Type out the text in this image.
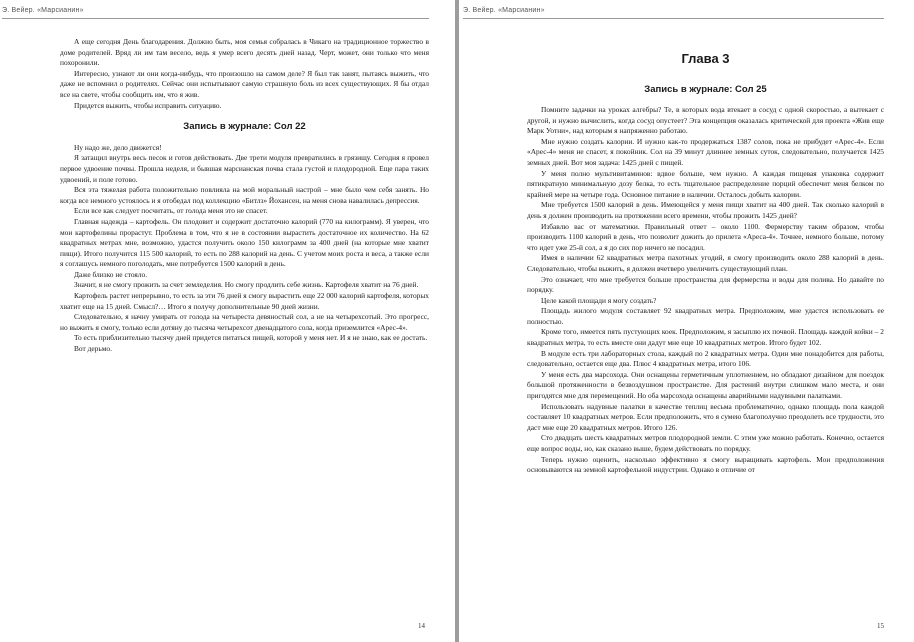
Э. Вейер. «Марсианин»

А еще сегодня День благодарения. Должно быть, моя семья собралась в Чикаго на традиционное торжество в доме родителей. Вряд ли им там весело, ведь я умер всего десять дней назад. Черт, может, они только что меня похоронили.

Интересно, узнают ли они когда-нибудь, что произошло на самом деле? Я был так занят, пытаясь выжить, что даже не вспомнил о родителях. Сейчас они испытывают самую страшную боль из всех существующих. Я бы отдал все на свете, чтобы сообщить им, что я жив.

Придется выжить, чтобы исправить ситуацию.

Запись в журнале: Сол 22

Ну надо же, дело движется!

Я затащил внутрь весь песок и готов действовать. Две трети модуля превратились в грязищу. Сегодня я провел первое удвоение почвы. Прошла неделя, и бывшая марсианская почва стала густой и плодородной. Еще пара таких удвоений, и поле готово.

Вся эта тяжелая работа положительно повлияла на мой моральный настрой – мне было чем себя занять. Но когда все немного устоялось и я отобедал под коллекцию «Битлз» Йохансен, на меня снова навалилась депрессия.

Если все как следует посчитать, от голода меня это не спасет.

Главная надежда – картофель. Он плодовит и содержит достаточно калорий (770 на килограмм). Я уверен, что мои картофелины прорастут. Проблема в том, что я не в состоянии вырастить достаточное их количество. На 62 квадратных метрах мне, возможно, удастся получить около 150 килограмм за 400 дней (на которые мне хватит пищи). Итого получится 115 500 калорий, то есть по 288 калорий на день. С учетом моих роста и веса, а также если я соглашусь немного поголодать, мне потребуется 1500 калорий в день.

Даже близко не стояло.

Значит, я не смогу прожить за счет земледелия. Но смогу продлить себе жизнь. Картофеля хватит на 76 дней.

Картофель растет непрерывно, то есть за эти 76 дней я смогу вырастить еще 22 000 калорий картофеля, которых хватит еще на 15 дней. Смысл?… Итого я получу дополнительные 90 дней жизни.

Следовательно, я начну умирать от голода на четыреста девяностый сол, а не на четырехсотый. Это прогресс, но выжить я смогу, только если дотяну до тысяча четырехсот двенадцатого сола, когда приземлится «Арес-4».

То есть приблизительно тысячу дней придется питаться пищей, которой у меня нет. И я не знаю, как ее достать.

Вот дерьмо.

14
Э. Вейер. «Марсианин»
Глава 3
Запись в журнале: Сол 25

Помните задачки на уроках алгебры? Те, в которых вода втекает в сосуд с одной скоростью, а вытекает с другой, и нужно вычислить, когда сосуд опустеет? Эта концепция оказалась критической для проекта «Жив еще Марк Уотни», над которым я напряженно работаю.

Мне нужно создать калории. И нужно как-то продержаться 1387 солов, пока не прибудет «Арес-4». Если «Арес-4» меня не спасет, я покойник. Сол на 39 минут длиннее земных суток, следовательно, получается 1425 земных дней. Вот моя задача: 1425 дней с пищей.

У меня полно мультивитаминов: вдвое больше, чем нужно. А каждая пищевая упаковка содержит пятикратную минимальную дозу белка, то есть тщательное распределение порций обеспечит меня белком по крайней мере на четыре года. Основное питание в наличии. Осталось добыть калории.

Мне требуется 1500 калорий в день. Имеющейся у меня пищи хватит на 400 дней. Так сколько калорий в день я должен производить на протяжении всего времени, чтобы прожить 1425 дней?

Избавлю вас от математики. Правильный ответ – около 1100. Фермерству таким образом, чтобы производить 1100 калорий в день, что позволит дожить до прилета «Ареса-4». Точнее, немного больше, потому что идет уже 25-й сол, а я до сих пор ничего не посадил.

Имея в наличии 62 квадратных метра пахотных угодий, я смогу производить около 288 калорий в день. Следовательно, чтобы выжить, я должен вчетверо увеличить существующий план.

Это означает, что мне требуется больше пространства для фермерства и воды для полива. Но давайте по порядку.

Целе какой площади я могу создать?

Площадь жилого модуля составляет 92 квадратных метра. Предположим, мне удастся использовать ее полностью.

Кроме того, имеется пять пустующих коек. Предположим, я засыплю их почвой. Площадь каждой койки – 2 квадратных метра, то есть вместе они дадут мне еще 10 квадратных метров. Итого будет 102.

В модуле есть три лабораторных стола, каждый по 2 квадратных метра. Один мне понадобится для работы, следовательно, остается еще два. Плюс 4 квадратных метра, итого 106.

У меня есть два марсохода. Они оснащены герметичным уплотнением, но обладают дизайном для поездок большой протяженности в безвоздушном пространстве. Для растений внутри слишком мало места, и они пригодятся мне для перемещений. Но оба марсохода оснащены аварийными надувными палатками.

Использовать надувные палатки в качестве теплиц весьма проблематично, однако площадь пола каждой составляет 10 квадратных метров. Если предположить, что я сумею благополучно преодолеть все трудности, это даст мне еще 20 квадратных метров. Итого 126.

Сто двадцать шесть квадратных метров плодородной земли. С этим уже можно работать. Конечно, остается еще вопрос воды, но, как сказано выше, будем действовать по порядку.

Теперь нужно оценить, насколько эффективно я смогу выращивать картофель. Мои предположения основываются на земной картофельной индустрии. Однако в отличие от

15
